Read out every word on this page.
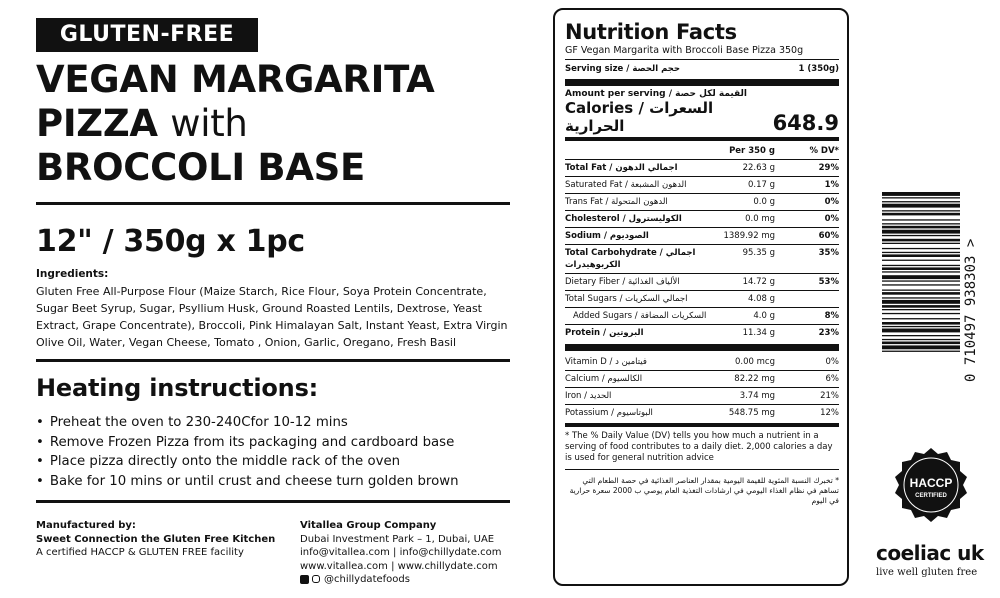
GLUTEN-FREE
VEGAN MARGARITA
PIZZA with
BROCCOLI BASE
12" / 350g x 1pc
Ingredients:
Gluten Free All-Purpose Flour (Maize Starch, Rice Flour, Soya Protein Concentrate, Sugar Beet Syrup, Sugar, Psyllium Husk, Ground Roasted Lentils, Dextrose, Yeast Extract, Grape Concentrate), Broccoli, Pink Himalayan Salt, Instant Yeast, Extra Virgin Olive Oil, Water, Vegan Cheese, Tomato , Onion, Garlic, Oregano, Fresh Basil
Heating instructions:
• Preheat the oven to 230-240Cfor 10-12 mins
• Remove Frozen Pizza from its packaging and cardboard base
• Place pizza directly onto the middle rack of the oven
• Bake for 10 mins or until crust and cheese turn golden brown
Manufactured by:
Sweet Connection the Gluten Free Kitchen
A certified HACCP & GLUTEN FREE facility
Vitallea Group Company
Dubai Investment Park – 1, Dubai, UAE
info@vitallea.com | info@chillydate.com
www.vitallea.com | www.chillydate.com
@chillydatefoods
Nutrition Facts
GF Vegan Margarita with Broccoli Base Pizza 350g
Serving size / حجم الحصة	1 (350g)
Amount per serving / القيمة لكل حصة
Calories / السعرات الحرارية	648.9
Per 350 g	% DV*
Total Fat / اجمالي الدهون	22.63 g	29%
Saturated Fat / الدهون المشبعة	0.17 g	1%
Trans Fat / الدهون المتحولة	0.0 g	0%
Cholesterol / الكوليسترول	0.0 mg	0%
Sodium / الصوديوم	1389.92 mg	60%
Total Carbohydrate / اجمالي الكربوهيدرات
95.35 g	35%
Dietary Fiber / الألياف الغذائية	14.72 g	53%
Total Sugars / اجمالي السكريات	4.08 g
Added Sugars / السكريات المضافة	4.0 g	8%
Protein / البروتين	11.34 g	23%
Vitamin D / فيتامين د	0.00 mcg	0%
Calcium / الكالسيوم	82.22 mg	6%
Iron / الحديد	3.74 mg	21%
Potassium / البوتاسيوم	548.75 mg	12%
* The % Daily Value (DV) tells you how much a nutrient in a serving of food contributes to a daily diet. 2,000 calories a day is used for general nutrition advice
* تخبرك النسبة المئوية للقيمة اليومية بمقدار العناصر الغذائية في حصة الطعام التي تساهم في نظام الغذاء اليومي في ارشادات التغذية العام يوصي ب 2000 سعرة حرارية في اليوم
0 710497 938303 >
HACCP
CERTIFIED
coeliac uk
live well gluten free
